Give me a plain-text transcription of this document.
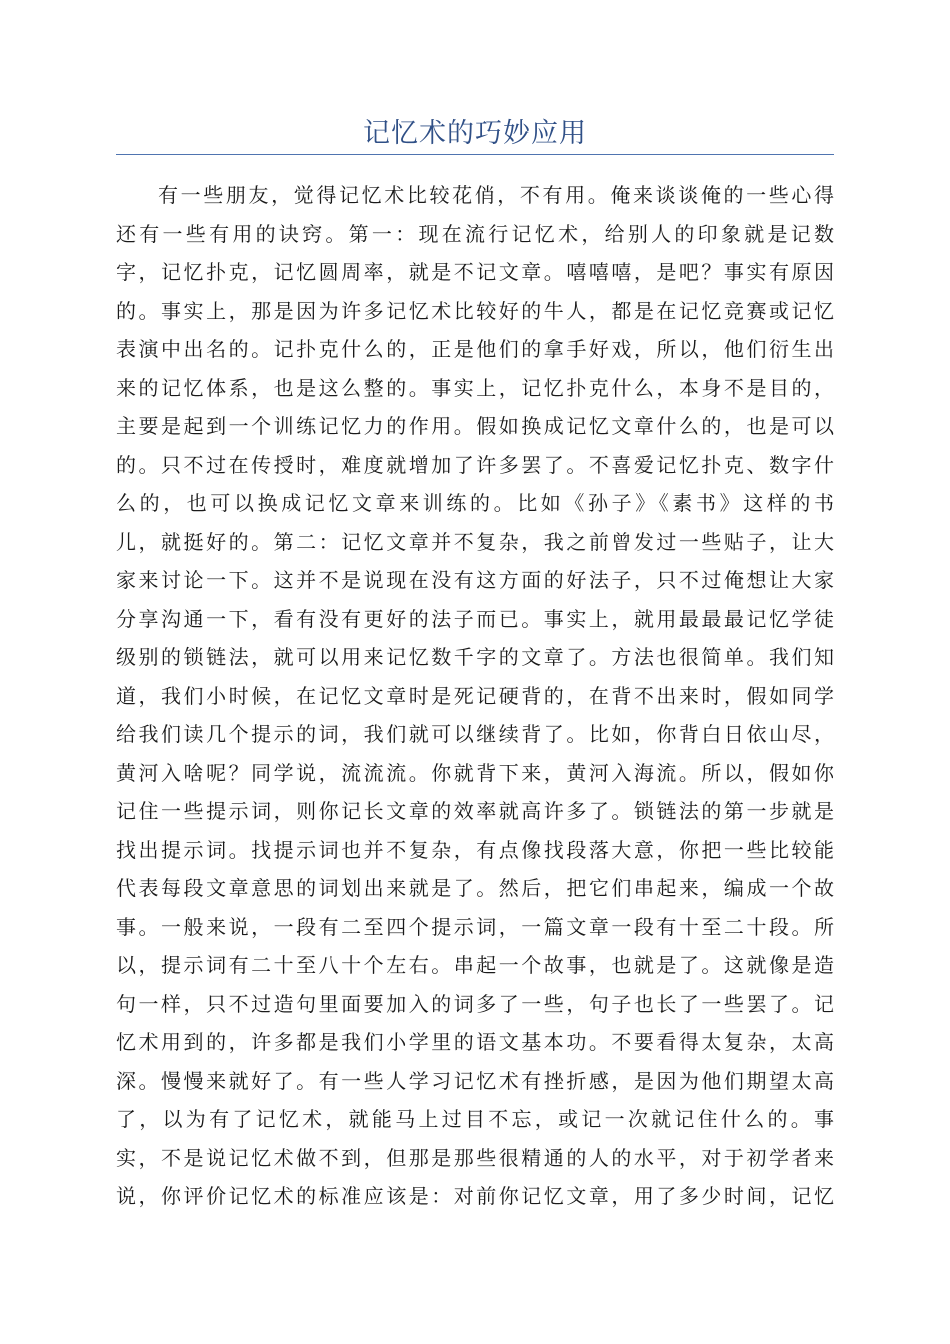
记忆术的巧妙应用
有一些朋友，觉得记忆术比较花俏，不有用。俺来谈谈俺的一些心得
还有一些有用的诀窍。第一：现在流行记忆术，给别人的印象就是记数
字，记忆扑克，记忆圆周率，就是不记文章。嘻嘻嘻，是吧？事实有原因
的。事实上，那是因为许多记忆术比较好的牛人，都是在记忆竞赛或记忆
表演中出名的。记扑克什么的，正是他们的拿手好戏，所以，他们衍生出
来的记忆体系，也是这么整的。事实上，记忆扑克什么，本身不是目的，
主要是起到一个训练记忆力的作用。假如换成记忆文章什么的，也是可以
的。只不过在传授时，难度就增加了许多罢了。不喜爱记忆扑克、数字什
么的，也可以换成记忆文章来训练的。比如《孙子》《素书》这样的书
儿，就挺好的。第二：记忆文章并不复杂，我之前曾发过一些贴子，让大
家来讨论一下。这并不是说现在没有这方面的好法子，只不过俺想让大家
分享沟通一下，看有没有更好的法子而已。事实上，就用最最最记忆学徒
级别的锁链法，就可以用来记忆数千字的文章了。方法也很简单。我们知
道，我们小时候，在记忆文章时是死记硬背的，在背不出来时，假如同学
给我们读几个提示的词，我们就可以继续背了。比如，你背白日依山尽，
黄河入啥呢？同学说，流流流。你就背下来，黄河入海流。所以，假如你
记住一些提示词，则你记长文章的效率就高许多了。锁链法的第一步就是
找出提示词。找提示词也并不复杂，有点像找段落大意，你把一些比较能
代表每段文章意思的词划出来就是了。然后，把它们串起来，编成一个故
事。一般来说，一段有二至四个提示词，一篇文章一段有十至二十段。所
以，提示词有二十至八十个左右。串起一个故事，也就是了。这就像是造
句一样，只不过造句里面要加入的词多了一些，句子也长了一些罢了。记
忆术用到的，许多都是我们小学里的语文基本功。不要看得太复杂，太高
深。慢慢来就好了。有一些人学习记忆术有挫折感，是因为他们期望太高
了，以为有了记忆术，就能马上过目不忘，或记一次就记住什么的。事
实，不是说记忆术做不到，但那是那些很精通的人的水平，对于初学者来
说，你评价记忆术的标准应该是：对前你记忆文章，用了多少时间，记忆
